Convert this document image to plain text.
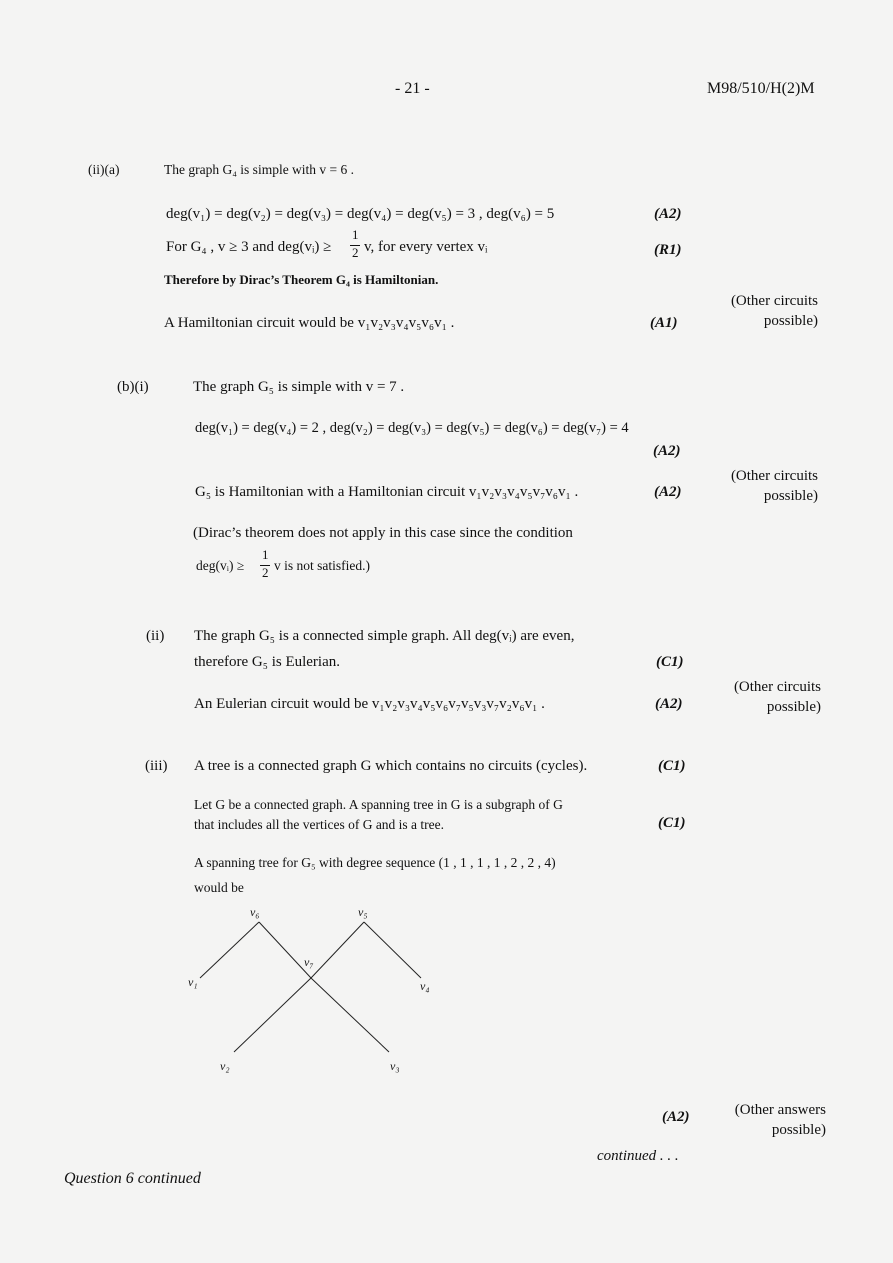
- 21 -	M98/510/H(2)M
(ii)(a)	The graph G₄ is simple with v = 6 .
deg(v₁) = deg(v₂) = deg(v₃) = deg(v₄) = deg(v₅) = 3 , deg(v₆) = 5	(A2)
For G₄ , v ≥ 3 and deg(vᵢ) ≥
1
2 v, for every vertex vᵢ	(R1)
Therefore by Dirac’s Theorem G₄ is Hamiltonian.
(Other circuits
possible)
A Hamiltonian circuit would be v₁v₂v₃v₄v₅v₆v₁ .	(A1)
(b)(i)	The graph G₅ is simple with v = 7 .
deg(v₁) = deg(v₄) = 2 , deg(v₂) = deg(v₃) = deg(v₅) = deg(v₆) = deg(v₇) = 4
(A2)
(Other circuits
possible)
G₅ is Hamiltonian with a Hamiltonian circuit v₁v₂v₃v₄v₅v₇v₆v₁ .	(A2)
(Dirac’s theorem does not apply in this case since the condition
deg(vᵢ) ≥
1
2 v is not satisfied.)
(ii) The graph G₅ is a connected simple graph. All deg(vᵢ) are even,
therefore G₅ is Eulerian.	(C1)
(Other circuits
possible)
An Eulerian circuit would be v₁v₂v₃v₄v₅v₆v₇v₅v₃v₇v₂v₆v₁ .	(A2)
(iii) A tree is a connected graph G which contains no circuits (cycles).	(C1)
Let G be a connected graph. A spanning tree in G is a subgraph of G
that includes all the vertices of G and is a tree.	(C1)
A spanning tree for G₅ with degree sequence (1 , 1 , 1 , 1 , 2 , 2 , 4)
would be
v₆	v₅
v₇
v₁	v₄
v₂	v₃
(A2)	(Other answers
possible)
continued . . .
Question 6 continued
